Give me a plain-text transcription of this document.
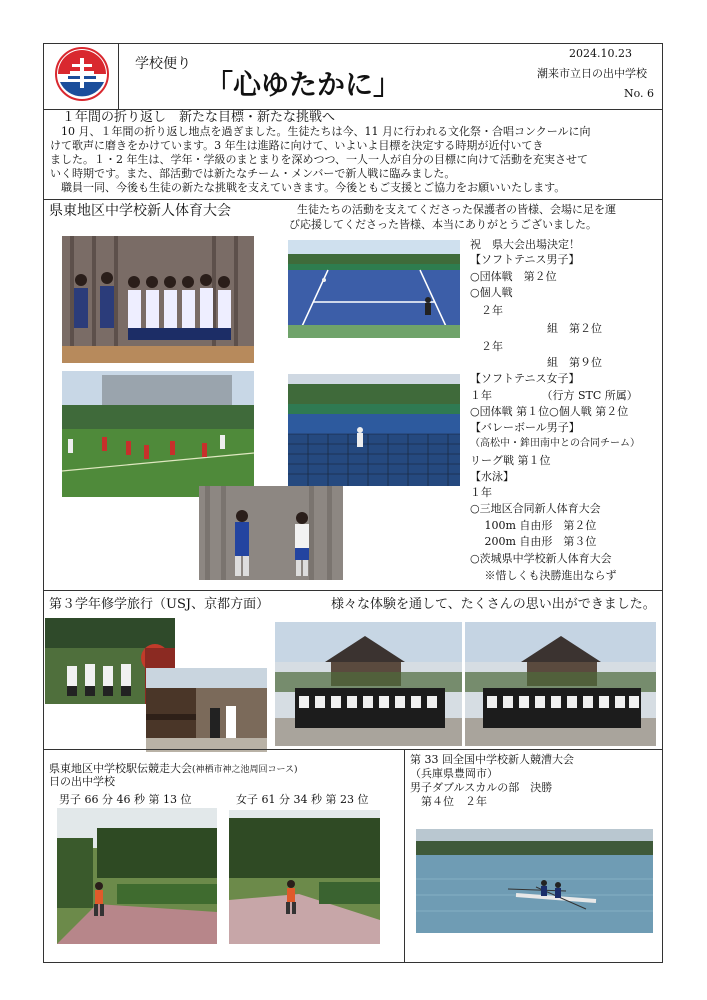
学校便り
「心ゆたかに」
2024.10.23
潮来市立日の出中学校
No. 6
１年間の折り返し　新たな目標・新たな挑戦へ
　10 月、１年間の折り返し地点を過ぎました。生徒たちは今、11 月に行われる文化祭・合唱コンクールに向
けて歌声に磨きをかけています。3 年生は進路に向けて、いよいよ目標を決定する時期が近付いてき
ました。１・2 年生は、学年・学級のまとまりを深めつつ、一人一人が自分の目標に向けて活動を充実させて
いく時期です。また、部活動では新たなチーム・メンバーで新人戦に臨みました。
　職員一同、今後も生徒の新たな挑戦を支えていきます。今後ともご支援とご協力をお願いいたします。
県東地区中学校新人体育大会	生徒たちの活動を支えてくださった保護者の皆様、会場に足を運
び応援してくださった皆様、本当にありがとうございました。
祝　県大会出場決定！
【ソフトテニス男子】
○団体戦　第２位
○個人戦
　２年
　　　　　　　組　第２位
　２年
　　　　　　　組　第９位
【ソフトテニス女子】
１年　　　　　（行方 STC 所属）
○団体戦 第１位○個人戦 第２位
【バレーボール男子】
（高松中・鉾田南中との合同チーム）
リーグ戦 第１位
【水泳】
１年
○三地区合同新人体育大会
　 100m 自由形　第２位
　 200m 自由形　第３位
○茨城県中学校新人体育大会
　 ※惜しくも決勝進出ならず
第３学年修学旅行（USJ、京都方面）	様々な体験を通して、たくさんの思い出ができました。
県東地区中学校駅伝競走大会(神栖市神之池周回コース)
日の出中学校
男子 66 分 46 秒 第 13 位	女子 61 分 34 秒 第 23 位
第 33 回全国中学校新人競漕大会
（兵庫県豊岡市）
男子ダブルスカルの部　決勝
　第４位　２年
